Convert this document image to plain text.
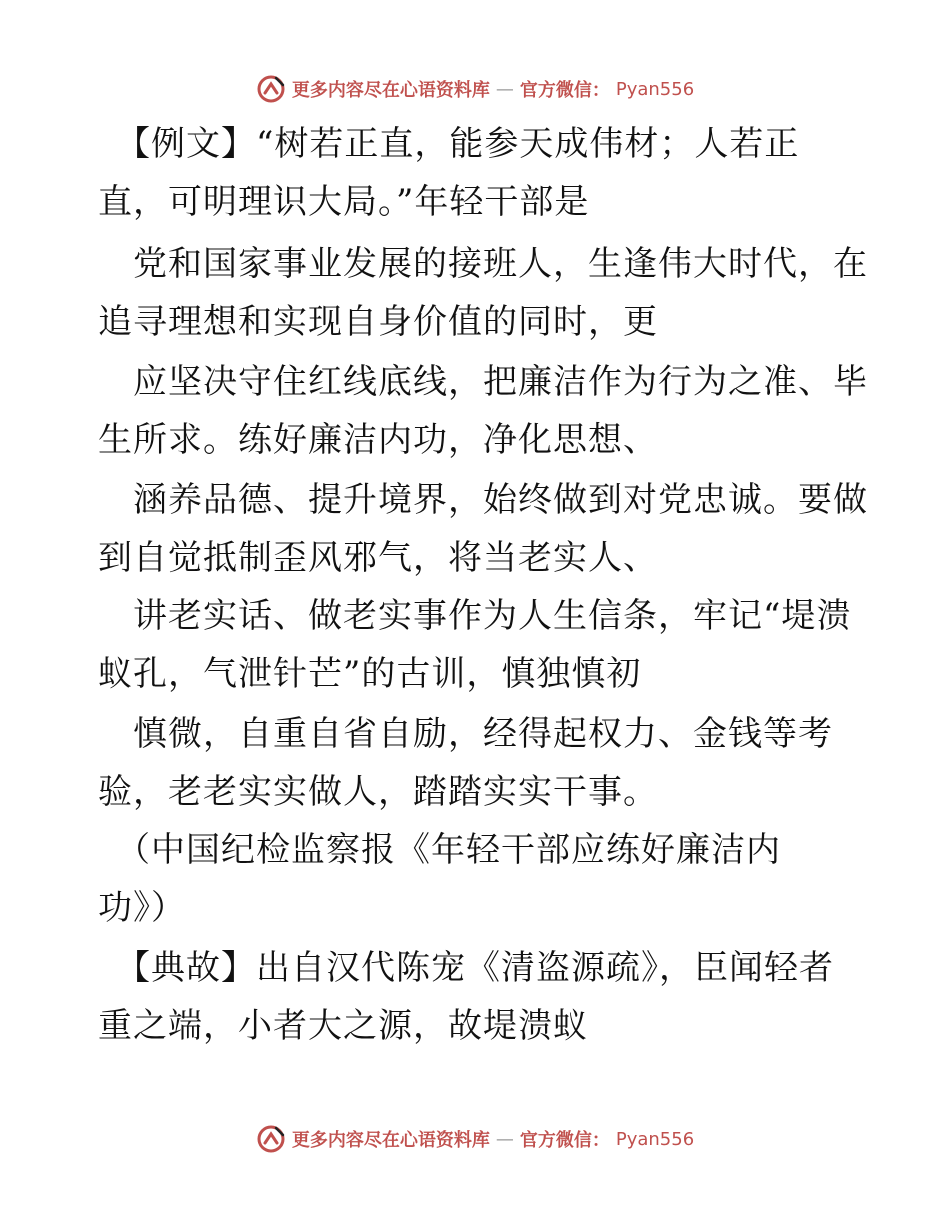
更多内容尽在心语资料库 — 官方微信： Pyan556
　【例文】“树若正直，能参天成伟材；人若正
直，可明理识大局。”年轻干部是
　党和国家事业发展的接班人，生逢伟大时代，在
追寻理想和实现自身价值的同时，更
　应坚决守住红线底线，把廉洁作为行为之准、毕
生所求。练好廉洁内功，净化思想、
　涵养品德、提升境界，始终做到对党忠诚。要做
到自觉抵制歪风邪气，将当老实人、
　讲老实话、做老实事作为人生信条，牢记“堤溃
蚁孔，气泄针芒”的古训，慎独慎初
　慎微，自重自省自励，经得起权力、金钱等考
验，老老实实做人，踏踏实实干事。
　（中国纪检监察报《年轻干部应练好廉洁内
功》）
　【典故】出自汉代陈宠《清盗源疏》，臣闻轻者
重之端，小者大之源，故堤溃蚁
更多内容尽在心语资料库 — 官方微信： Pyan556
